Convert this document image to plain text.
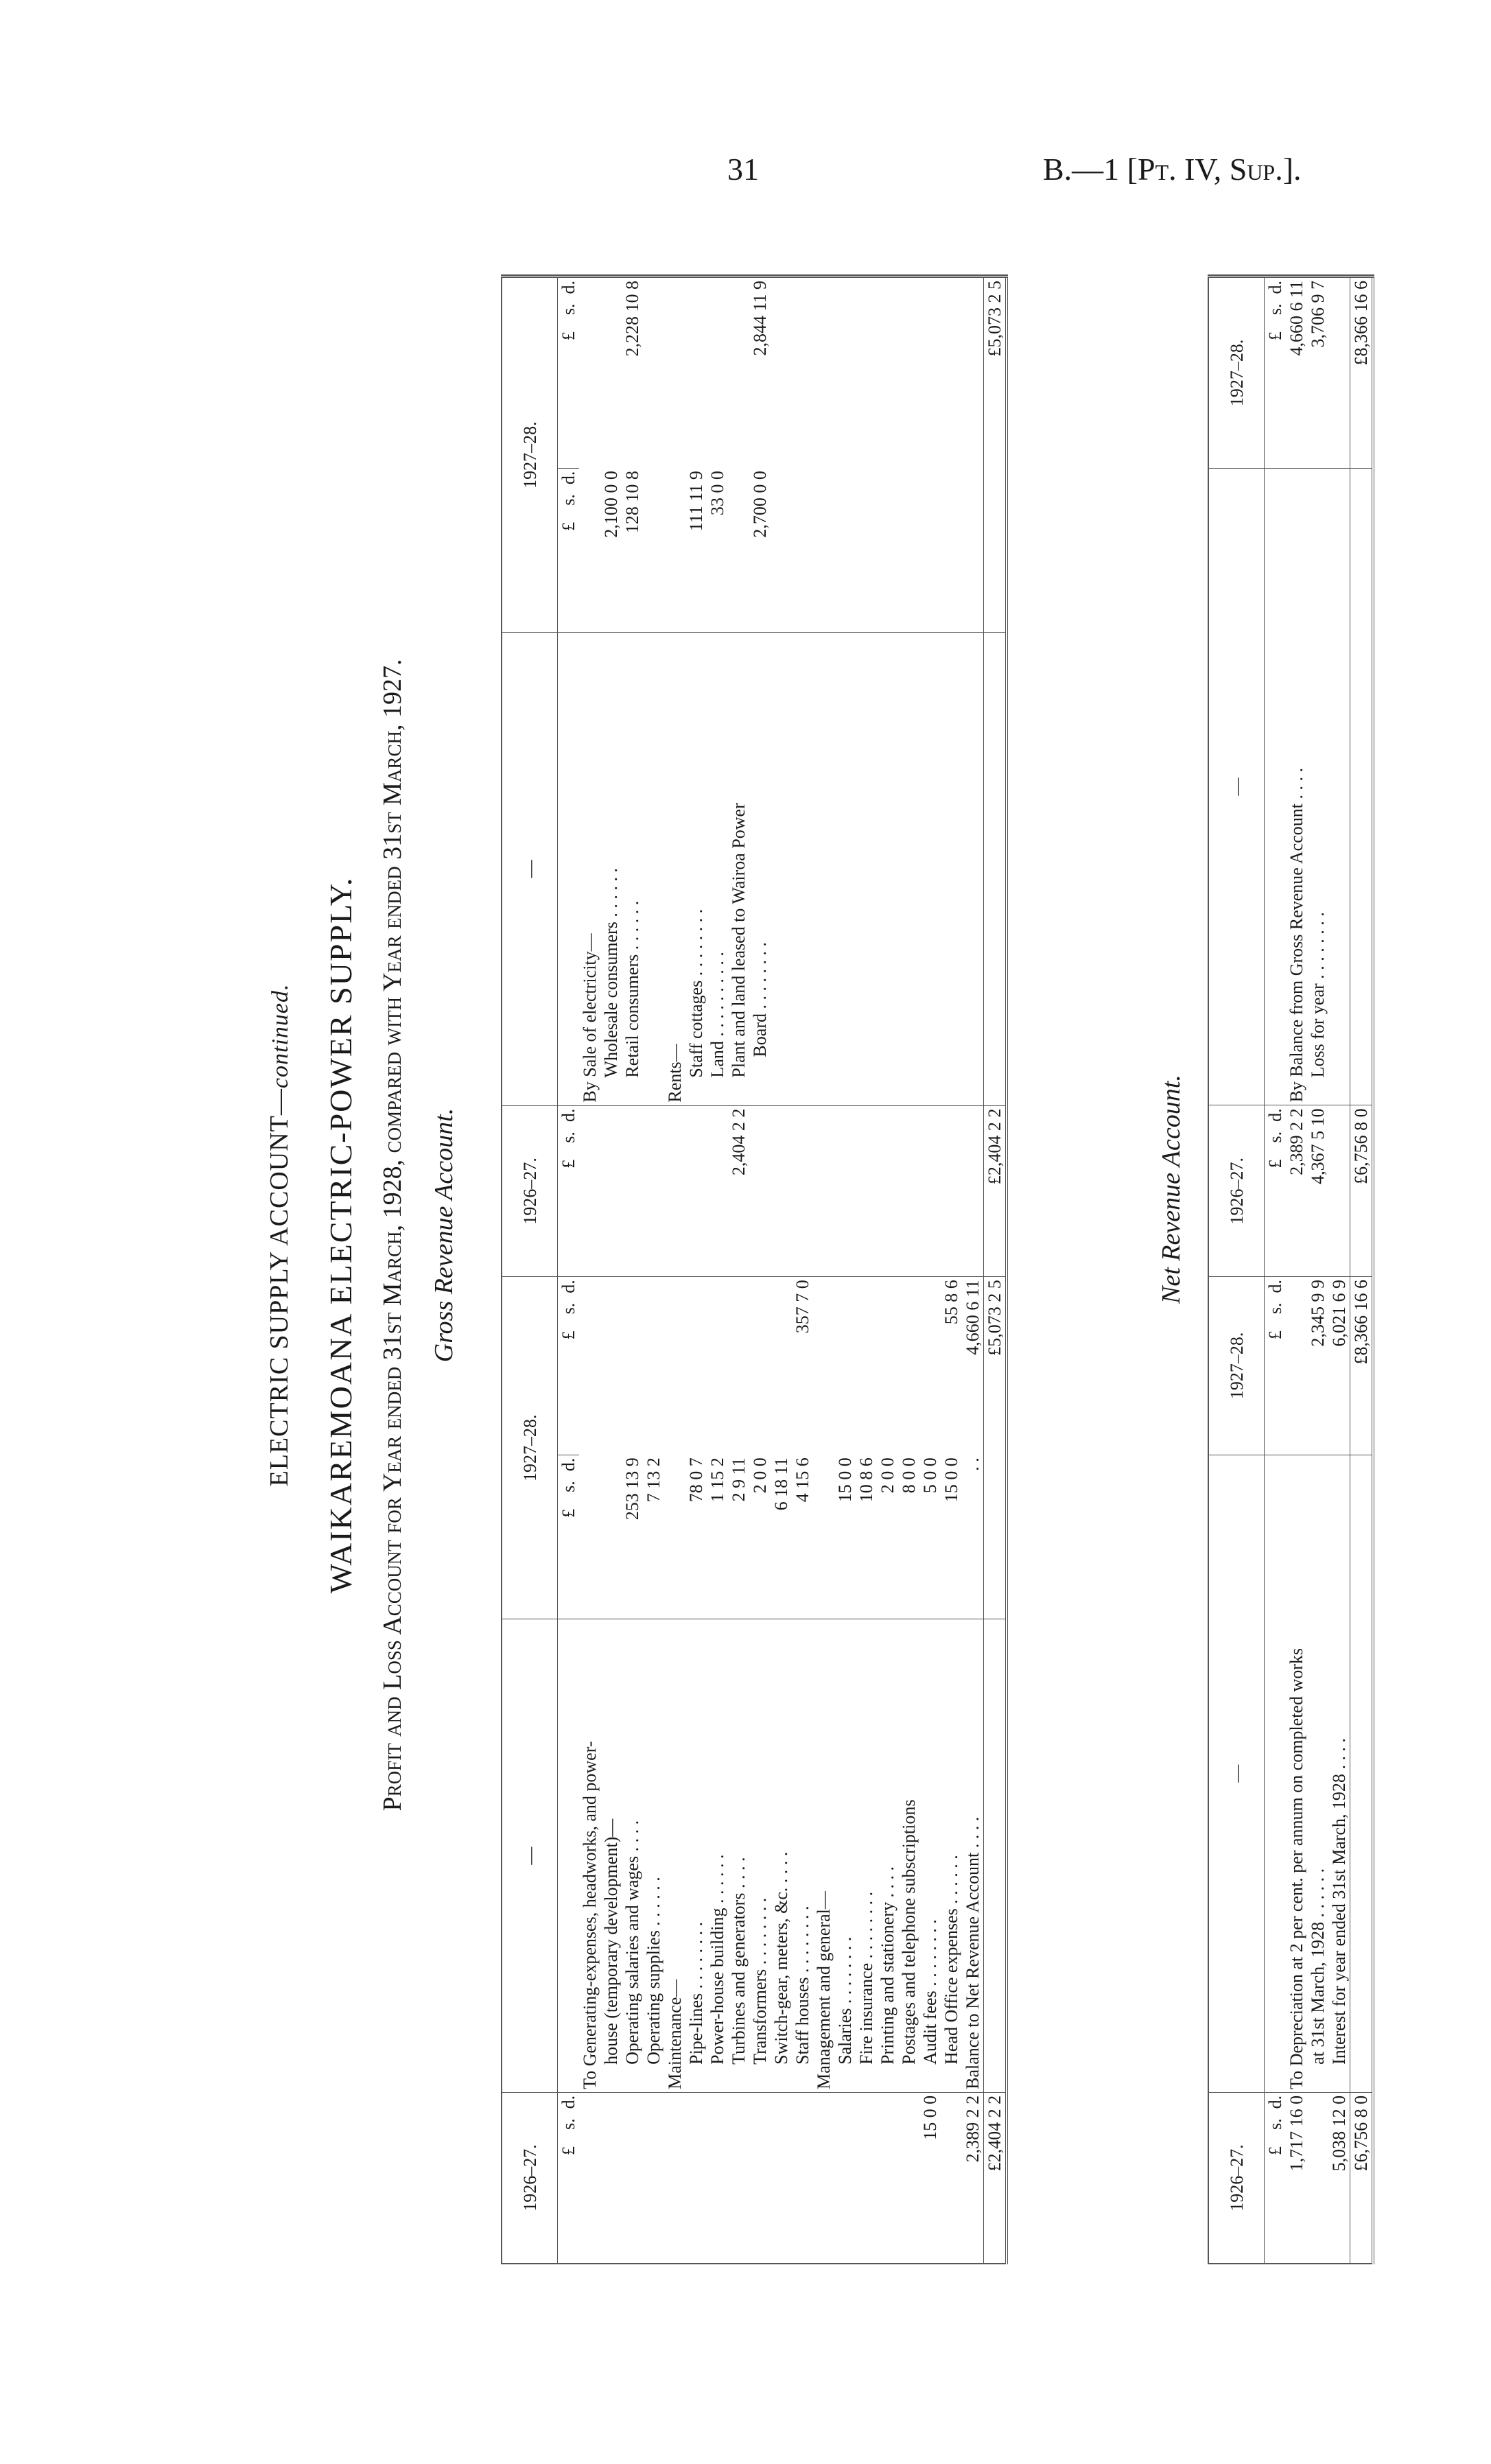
31	B.—1 [Pt. IV, Sup.].
ELECTRIC SUPPLY ACCOUNT—continued. WAIKAREMOANA ELECTRIC-POWER SUPPLY. Profit and Loss Account for Year ended 31st March, 1928, compared with Year ended 31st March, 1927. Gross Revenue Account.
1926–27.	—	1927–28.		1926–27.	—	1927–28.	
£s.d.		£s.d.	£s.d.	£s.d.		£s.d.	£s.d.
	To Generating-expenses, headworks, and power-				By Sale of electricity—		
	house (temporary development)—				Wholesale consumers . . . . . .	2,100 0 0	
	Operating salaries and wages . . . .	253 13 9			Retail consumers . . . . . .	128 10 8	2,228 10 8
	Operating supplies . . . . . .	7 13 2					
	Maintenance—				Rents—		
	Pipe-lines . . . . . . . .	78 0 7			Staff cottages . . . . . . . .	111 11 9	
	Power-house building . . . . . .	1 15 2			Land . . . . . . . . . .	33 0 0	
	Turbines and generators . . . .	2 9 11		2,404 2 2	Plant and land leased to Wairoa Power		
	Transformers . . . . . . . .	2 0 0			Board . . . . . . . .	2,700 0 0	2,844 11 9
	Switch-gear, meters, &c. . . . .	6 18 11					
	Staff houses . . . . . . . .	4 15 6	357 7 0				

	Management and general—						
	Salaries . . . . . . . .	15 0 0					
	Fire insurance . . . . . . . .	10 8 6					
	Printing and stationery . . . .	2 0 0					
	Postages and telephone subscriptions	8 0 0					
15 0 0	Audit fees . . . . . . . .	5 0 0					
	Head Office expenses . . . . . .	15 0 0	55 8 6				
2,389 2 2	Balance to Net Revenue Account . . . .	. .	4,660 6 11				
£2,404 2 2			£5,073 2 5	£2,404 2 2			£5,073 2 5
Net Revenue Account.
1926–27.	—	1927–28.	1926–27.	—	1927–28.
£s.d.		£s.d.	£s.d.		£s.d.
1,717 16 0	To Depreciation at 2 per cent. per annum on completed works		2,389 2 2	By Balance from Gross Revenue Account . . . .	4,660 6 11
	at 31st March, 1928 . . . . . .	2,345 9 9	4,367 5 10	Loss for year . . . . . . . .	3,706 9 7
5,038 12 0	Interest for year ended 31st March, 1928 . . . .	6,021 6 9			
£6,756 8 0		£8,366 16 6	£6,756 8 0		£8,366 16 6
